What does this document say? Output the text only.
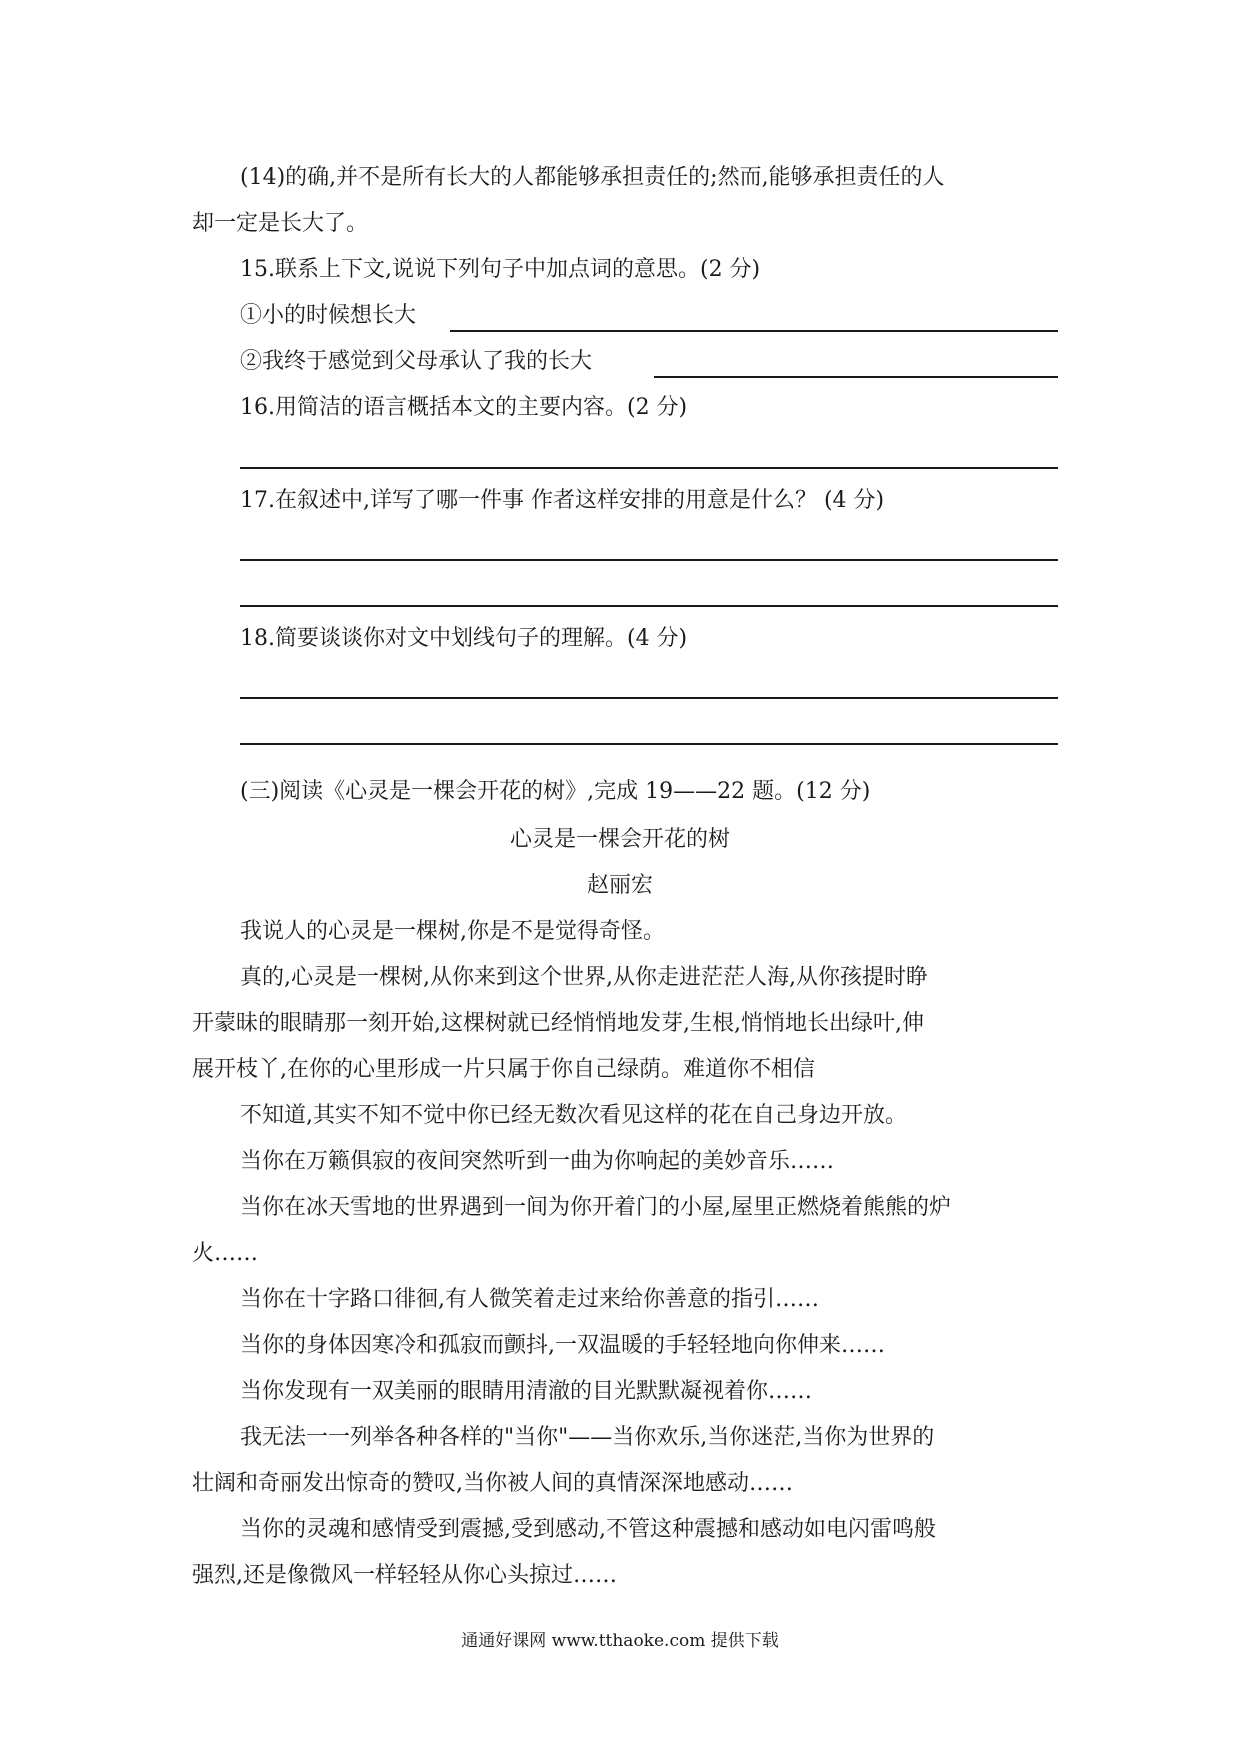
(14)的确,并不是所有长大的人都能够承担责任的;然而,能够承担责任的人
却一定是长大了。
15.联系上下文,说说下列句子中加点词的意思。(2 分)
①小的时候想长大
②我终于感觉到父母承认了我的长大
16.用简洁的语言概括本文的主要内容。(2 分)
17.在叙述中,详写了哪一件事 作者这样安排的用意是什么？ (4 分)
18.简要谈谈你对文中划线句子的理解。(4 分)
(三)阅读《心灵是一棵会开花的树》,完成 19——22 题。(12 分)
心灵是一棵会开花的树
赵丽宏
我说人的心灵是一棵树,你是不是觉得奇怪。
真的,心灵是一棵树,从你来到这个世界,从你走进茫茫人海,从你孩提时睁
开蒙昧的眼睛那一刻开始,这棵树就已经悄悄地发芽,生根,悄悄地长出绿叶,伸
展开枝丫,在你的心里形成一片只属于你自己绿荫。难道你不相信
不知道,其实不知不觉中你已经无数次看见这样的花在自己身边开放。
当你在万籁俱寂的夜间突然听到一曲为你响起的美妙音乐……
当你在冰天雪地的世界遇到一间为你开着门的小屋,屋里正燃烧着熊熊的炉
火……
当你在十字路口徘徊,有人微笑着走过来给你善意的指引……
当你的身体因寒冷和孤寂而颤抖,一双温暖的手轻轻地向你伸来……
当你发现有一双美丽的眼睛用清澈的目光默默凝视着你……
我无法一一列举各种各样的"当你"——当你欢乐,当你迷茫,当你为世界的
壮阔和奇丽发出惊奇的赞叹,当你被人间的真情深深地感动……
当你的灵魂和感情受到震撼,受到感动,不管这种震撼和感动如电闪雷鸣般
强烈,还是像微风一样轻轻从你心头掠过……
通通好课网 www.tthaoke.com 提供下载
